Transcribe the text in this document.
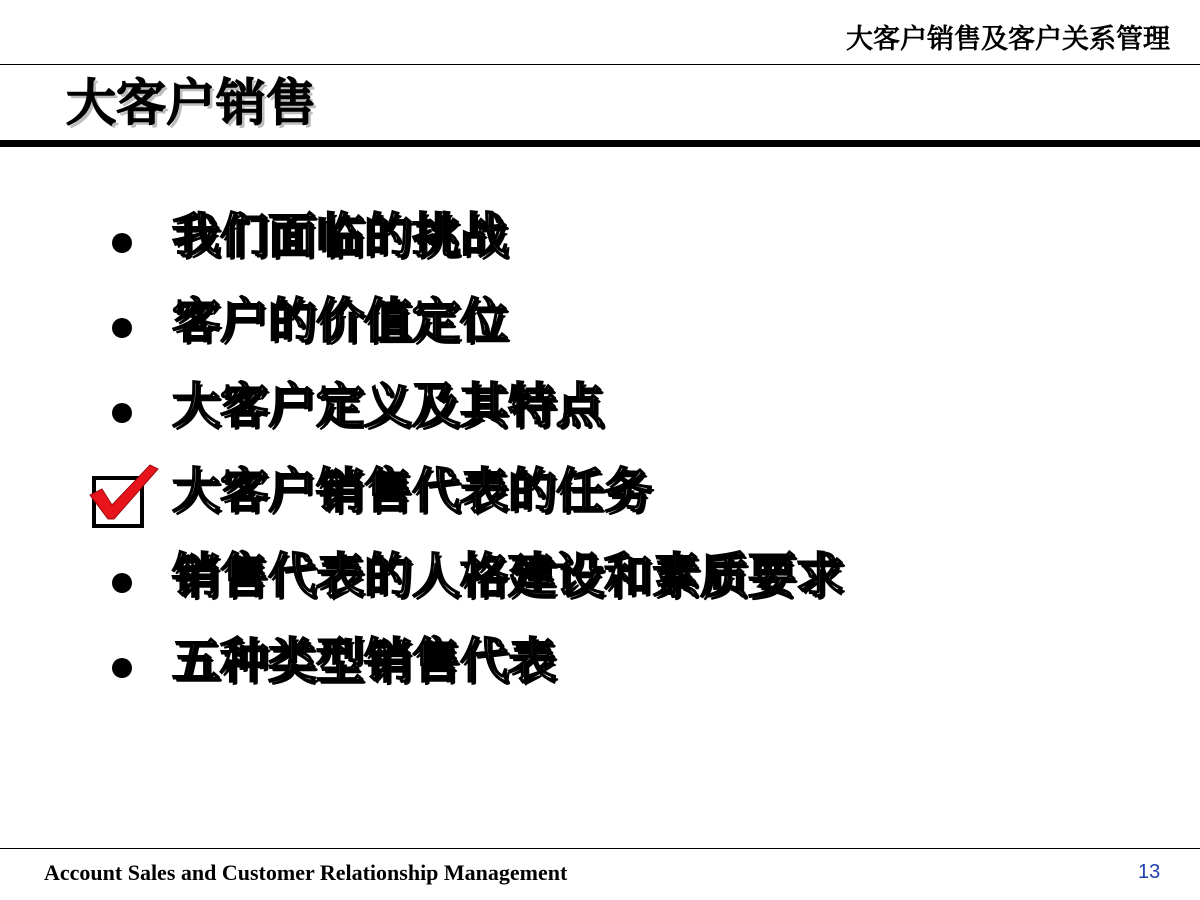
大客户销售及客户关系管理
大客户销售
我们面临的挑战
客户的价值定位
大客户定义及其特点
大客户销售代表的任务
销售代表的人格建设和素质要求
五种类型销售代表
Account Sales and Customer Relationship Management	13
